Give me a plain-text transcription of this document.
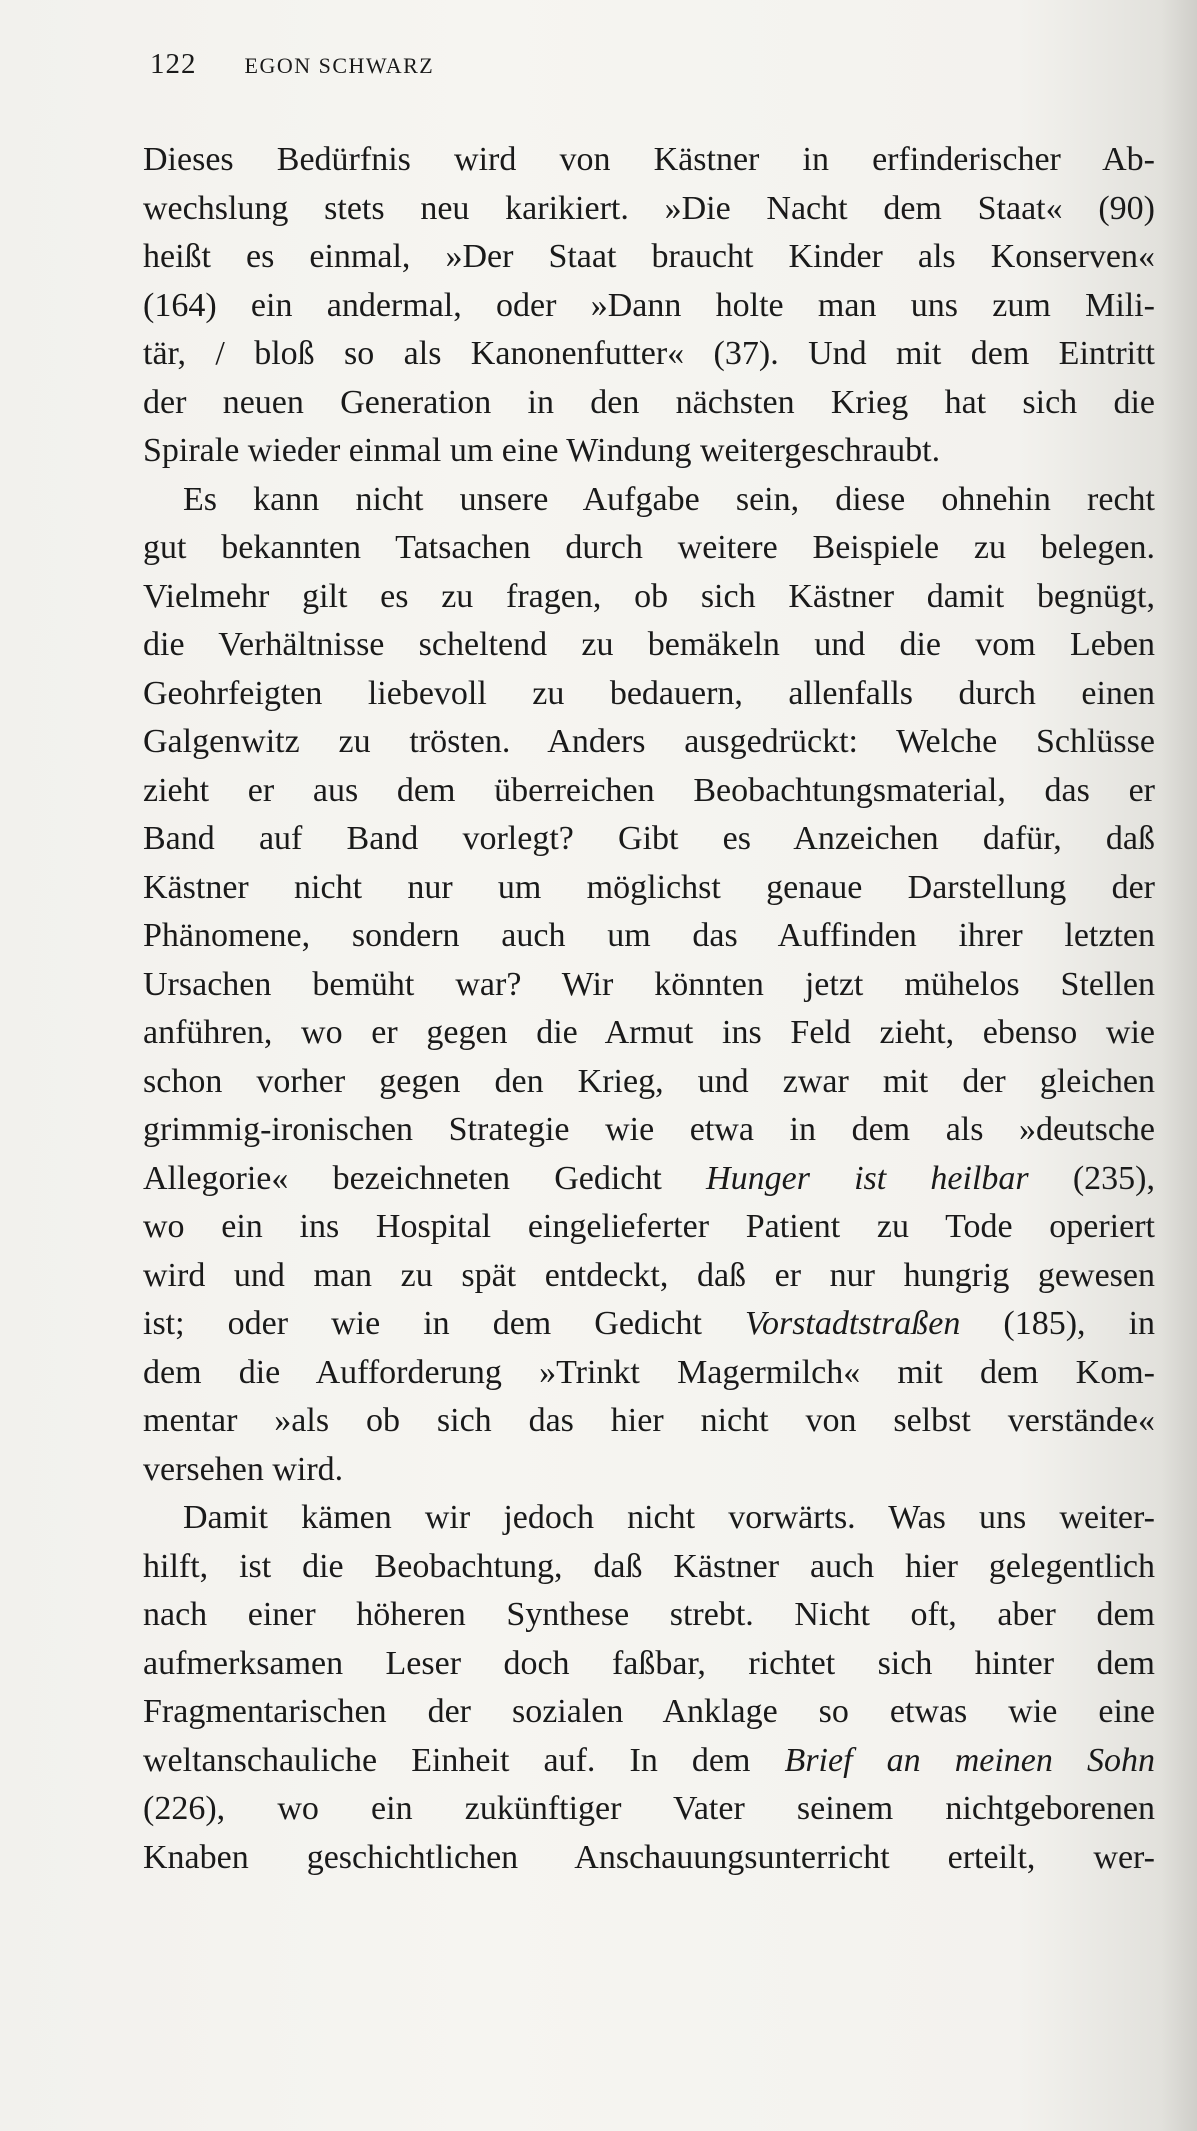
122 EGON SCHWARZ
Dieses Bedürfnis wird von Kästner in erfinderischer Ab-
wechslung stets neu karikiert. »Die Nacht dem Staat« (90)
heißt es einmal, »Der Staat braucht Kinder als Konserven«
(164) ein andermal, oder »Dann holte man uns zum Mili-
tär, / bloß so als Kanonenfutter« (37). Und mit dem Eintritt
der neuen Generation in den nächsten Krieg hat sich die
Spirale wieder einmal um eine Windung weitergeschraubt.
Es kann nicht unsere Aufgabe sein, diese ohnehin recht
gut bekannten Tatsachen durch weitere Beispiele zu belegen.
Vielmehr gilt es zu fragen, ob sich Kästner damit begnügt,
die Verhältnisse scheltend zu bemäkeln und die vom Leben
Geohrfeigten liebevoll zu bedauern, allenfalls durch einen
Galgenwitz zu trösten. Anders ausgedrückt: Welche Schlüsse
zieht er aus dem überreichen Beobachtungsmaterial, das er
Band auf Band vorlegt? Gibt es Anzeichen dafür, daß
Kästner nicht nur um möglichst genaue Darstellung der
Phänomene, sondern auch um das Auffinden ihrer letzten
Ursachen bemüht war? Wir könnten jetzt mühelos Stellen
anführen, wo er gegen die Armut ins Feld zieht, ebenso wie
schon vorher gegen den Krieg, und zwar mit der gleichen
grimmig-ironischen Strategie wie etwa in dem als »deutsche
Allegorie« bezeichneten Gedicht Hunger ist heilbar (235),
wo ein ins Hospital eingelieferter Patient zu Tode operiert
wird und man zu spät entdeckt, daß er nur hungrig gewesen
ist; oder wie in dem Gedicht Vorstadtstraßen (185), in
dem die Aufforderung »Trinkt Magermilch« mit dem Kom-
mentar »als ob sich das hier nicht von selbst verstände«
versehen wird.
Damit kämen wir jedoch nicht vorwärts. Was uns weiter-
hilft, ist die Beobachtung, daß Kästner auch hier gelegentlich
nach einer höheren Synthese strebt. Nicht oft, aber dem
aufmerksamen Leser doch faßbar, richtet sich hinter dem
Fragmentarischen der sozialen Anklage so etwas wie eine
weltanschauliche Einheit auf. In dem Brief an meinen Sohn
(226), wo ein zukünftiger Vater seinem nichtgeborenen
Knaben geschichtlichen Anschauungsunterricht erteilt, wer-
